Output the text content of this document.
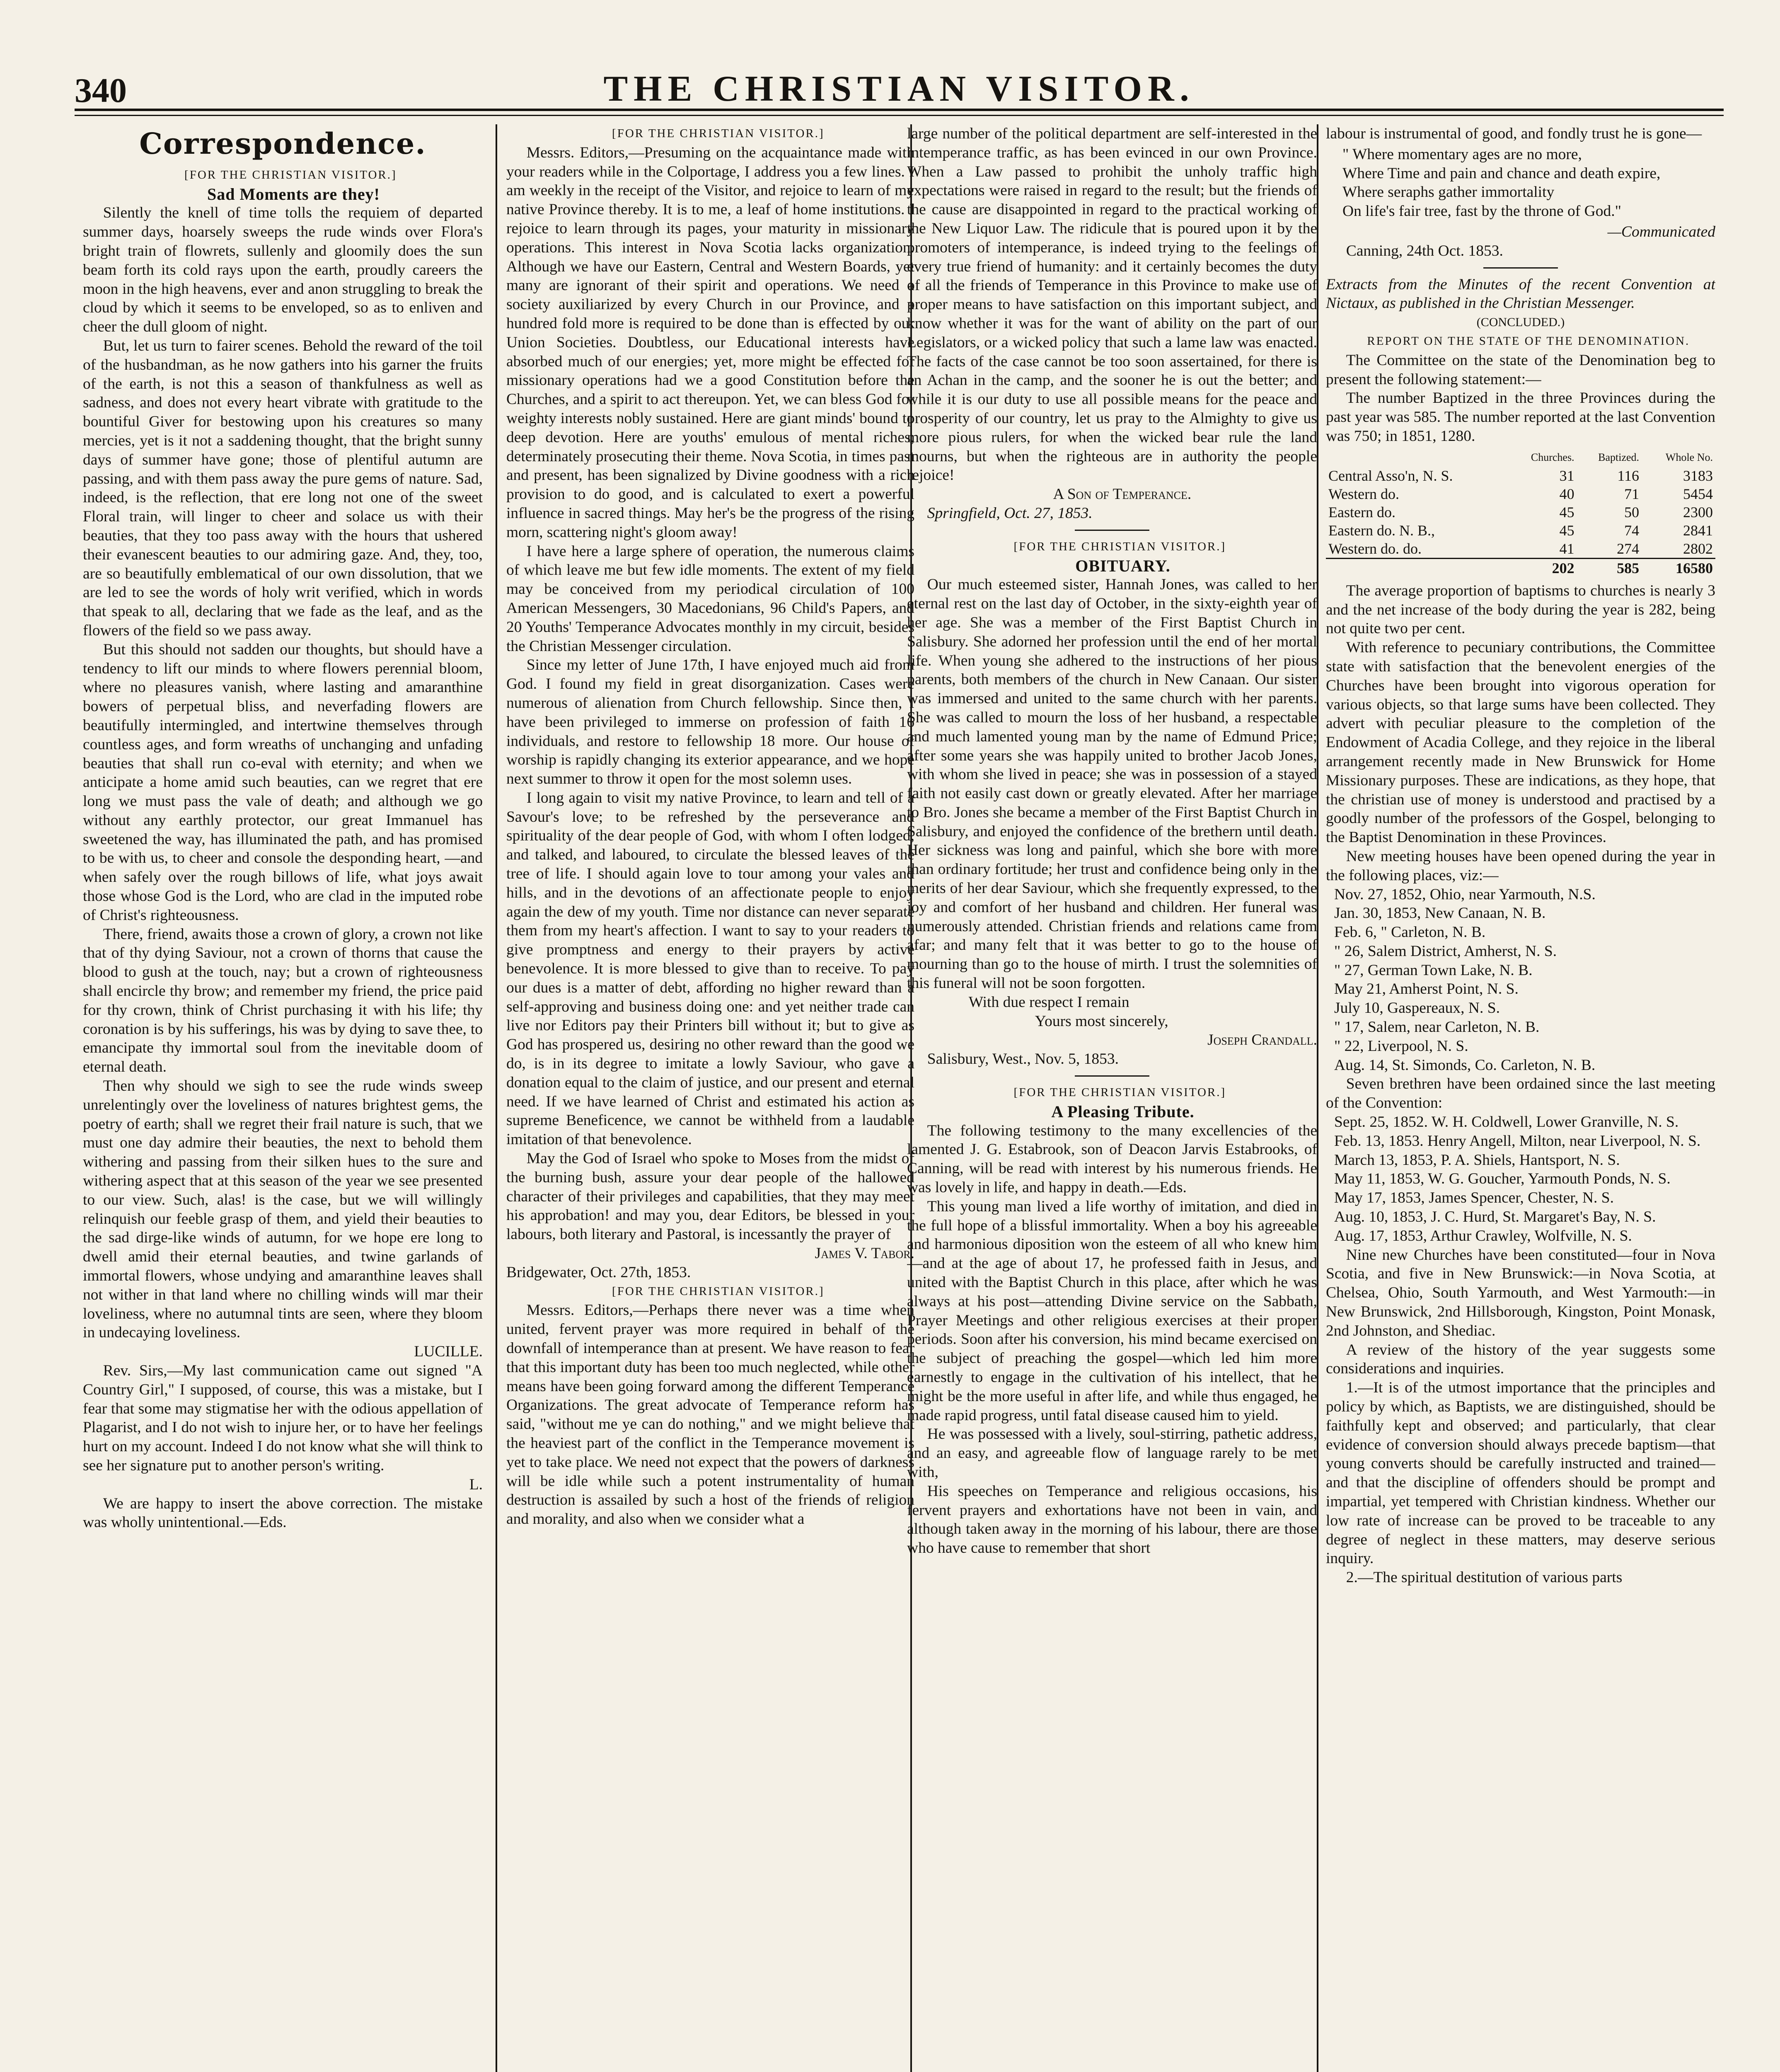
340	THE CHRISTIAN VISITOR.
Correspondence.

[FOR THE CHRISTIAN VISITOR.]

Sad Moments are they!

Silently the knell of time tolls the requiem of departed summer days, hoarsely sweeps the rude winds over Flora's bright train of flowrets, sullenly and gloomily does the sun beam forth its cold rays upon the earth, proudly careers the moon in the high heavens, ever and anon struggling to break the cloud by which it seems to be enveloped, so as to enliven and cheer the dull gloom of night.

But, let us turn to fairer scenes. Behold the reward of the toil of the husbandman, as he now gathers into his garner the fruits of the earth, is not this a season of thankfulness as well as sadness, and does not every heart vibrate with gratitude to the bountiful Giver for bestowing upon his creatures so many mercies, yet is it not a saddening thought, that the bright sunny days of summer have gone; those of plentiful autumn are passing, and with them pass away the pure gems of nature. Sad, indeed, is the reflection, that ere long not one of the sweet Floral train, will linger to cheer and solace us with their beauties, that they too pass away with the hours that ushered their evanescent beauties to our admiring gaze. And, they, too, are so beautifully emblematical of our own dissolution, that we are led to see the words of holy writ verified, which in words that speak to all, declaring that we fade as the leaf, and as the flowers of the field so we pass away.

But this should not sadden our thoughts, but should have a tendency to lift our minds to where flowers perennial bloom, where no pleasures vanish, where lasting and amaranthine bowers of perpetual bliss, and neverfading flowers are beautifully intermingled, and intertwine themselves through countless ages, and form wreaths of unchanging and unfading beauties that shall run co-eval with eternity; and when we anticipate a home amid such beauties, can we regret that ere long we must pass the vale of death; and although we go without any earthly protector, our great Immanuel has sweetened the way, has illuminated the path, and has promised to be with us, to cheer and console the desponding heart, —and when safely over the rough billows of life, what joys await those whose God is the Lord, who are clad in the imputed robe of Christ's righteousness.

There, friend, awaits those a crown of glory, a crown not like that of thy dying Saviour, not a crown of thorns that cause the blood to gush at the touch, nay; but a crown of righteousness shall encircle thy brow; and remember my friend, the price paid for thy crown, think of Christ purchasing it with his life; thy coronation is by his sufferings, his was by dying to save thee, to emancipate thy immortal soul from the inevitable doom of eternal death.

Then why should we sigh to see the rude winds sweep unrelentingly over the loveliness of natures brightest gems, the poetry of earth; shall we regret their frail nature is such, that we must one day admire their beauties, the next to behold them withering and passing from their silken hues to the sure and withering aspect that at this season of the year we see presented to our view. Such, alas! is the case, but we will willingly relinquish our feeble grasp of them, and yield their beauties to the sad dirge-like winds of autumn, for we hope ere long to dwell amid their eternal beauties, and twine garlands of immortal flowers, whose undying and amaranthine leaves shall not wither in that land where no chilling winds will mar their loveliness, where no autumnal tints are seen, where they bloom in undecaying loveliness.

LUCILLE.

Rev. Sirs,—My last communication came out signed "A Country Girl," I supposed, of course, this was a mistake, but I fear that some may stigmatise her with the odious appellation of Plagarist, and I do not wish to injure her, or to have her feelings hurt on my account. Indeed I do not know what she will think to see her signature put to another person's writing.

L.

We are happy to insert the above correction. The mistake was wholly unintentional.—Eds.

[FOR THE CHRISTIAN VISITOR.]

Messrs. Editors,—Presuming on the acquaintance made with your readers while in the Colportage, I address you a few lines. I am weekly in the receipt of the Visitor, and rejoice to learn of my native Province thereby. It is to me, a leaf of home institutions. I rejoice to learn through its pages, your maturity in missionary operations. This interest in Nova Scotia lacks organization. Although we have our Eastern, Central and Western Boards, yet many are ignorant of their spirit and operations. We need a society auxiliarized by every Church in our Province, and a hundred fold more is required to be done than is effected by our Union Societies. Doubtless, our Educational interests have absorbed much of our energies; yet, more might be effected for missionary operations had we a good Constitution before the Churches, and a spirit to act thereupon. Yet, we can bless God for weighty interests nobly sustained. Here are giant minds' bound to deep devotion. Here are youths' emulous of mental riches, determinately prosecuting their theme. Nova Scotia, in times past and present, has been signalized by Divine goodness with a rich provision to do good, and is calculated to exert a powerful influence in sacred things. May her's be the progress of the rising morn, scattering night's gloom away!

I have here a large sphere of operation, the numerous claims of which leave me but few idle moments. The extent of my field may be conceived from my periodical circulation of 100 American Messengers, 30 Macedonians, 96 Child's Papers, and 20 Youths' Temperance Advocates monthly in my circuit, besides the Christian Messenger circulation.

Since my letter of June 17th, I have enjoyed much aid from God. I found my field in great disorganization. Cases were numerous of alienation from Church fellowship. Since then, I have been privileged to immerse on profession of faith 16 individuals, and restore to fellowship 18 more. Our house of worship is rapidly changing its exterior appearance, and we hope next summer to throw it open for the most solemn uses.

I long again to visit my native Province, to learn and tell of a Savour's love; to be refreshed by the perseverance and spirituality of the dear people of God, with whom I often lodged, and talked, and laboured, to circulate the blessed leaves of the tree of life. I should again love to tour among your vales and hills, and in the devotions of an affectionate people to enjoy again the dew of my youth. Time nor distance can never separate them from my heart's affection. I want to say to your readers to give promptness and energy to their prayers by active benevolence. It is more blessed to give than to receive. To pay our dues is a matter of debt, affording no higher reward than a self-approving and business doing one: and yet neither trade can live nor Editors pay their Printers bill without it; but to give as God has prospered us, desiring no other reward than the good we do, is in its degree to imitate a lowly Saviour, who gave a donation equal to the claim of justice, and our present and eternal need. If we have learned of Christ and estimated his action as supreme Beneficence, we cannot be withheld from a laudable imitation of that benevolence.

May the God of Israel who spoke to Moses from the midst of the burning bush, assure your dear people of the hallowed character of their privileges and capabilities, that they may meet his approbation! and may you, dear Editors, be blessed in your labours, both literary and Pastoral, is incessantly the prayer of

James V. Tabor.

Bridgewater, Oct. 27th, 1853.

[FOR THE CHRISTIAN VISITOR.]

Messrs. Editors,—Perhaps there never was a time when united, fervent prayer was more required in behalf of the downfall of intemperance than at present. We have reason to fear that this important duty has been too much neglected, while other means have been going forward among the different Temperance Organizations. The great advocate of Temperance reform has said, "without me ye can do nothing," and we might believe that the heaviest part of the conflict in the Temperance movement is yet to take place. We need not expect that the powers of darkness will be idle while such a potent instrumentality of human destruction is assailed by such a host of the friends of religion and morality, and also when we consider what a

large number of the political department are self-interested in the intemperance traffic, as has been evinced in our own Province. When a Law passed to prohibit the unholy traffic high expectations were raised in regard to the result; but the friends of the cause are disappointed in regard to the practical working of the New Liquor Law. The ridicule that is poured upon it by the promoters of intemperance, is indeed trying to the feelings of every true friend of humanity: and it certainly becomes the duty of all the friends of Temperance in this Province to make use of proper means to have satisfaction on this important subject, and know whether it was for the want of ability on the part of our Legislators, or a wicked policy that such a lame law was enacted. The facts of the case cannot be too soon assertained, for there is an Achan in the camp, and the sooner he is out the better; and while it is our duty to use all possible means for the peace and prosperity of our country, let us pray to the Almighty to give us more pious rulers, for when the wicked bear rule the land mourns, but when the righteous are in authority the people rejoice!

A Son of Temperance.

Springfield, Oct. 27, 1853.

[FOR THE CHRISTIAN VISITOR.]

OBITUARY.

Our much esteemed sister, Hannah Jones, was called to her eternal rest on the last day of October, in the sixty-eighth year of her age. She was a member of the First Baptist Church in Salisbury. She adorned her profession until the end of her mortal life. When young she adhered to the instructions of her pious parents, both members of the church in New Canaan. Our sister was immersed and united to the same church with her parents. She was called to mourn the loss of her husband, a respectable and much lamented young man by the name of Edmund Price; after some years she was happily united to brother Jacob Jones, with whom she lived in peace; she was in possession of a stayed faith not easily cast down or greatly elevated. After her marriage to Bro. Jones she became a member of the First Baptist Church in Salisbury, and enjoyed the confidence of the brethern until death. Her sickness was long and painful, which she bore with more than ordinary fortitude; her trust and confidence being only in the merits of her dear Saviour, which she frequently expressed, to the joy and comfort of her husband and children. Her funeral was numerously attended. Christian friends and relations came from afar; and many felt that it was better to go to the house of mourning than go to the house of mirth. I trust the solemnities of this funeral will not be soon forgotten.

With due respect I remain

Yours most sincerely,

Joseph Crandall.

Salisbury, West., Nov. 5, 1853.

[FOR THE CHRISTIAN VISITOR.]

A Pleasing Tribute.

The following testimony to the many excellencies of the lamented J. G. Estabrook, son of Deacon Jarvis Estabrooks, of Canning, will be read with interest by his numerous friends. He was lovely in life, and happy in death.—Eds.

This young man lived a life worthy of imitation, and died in the full hope of a blissful immortality. When a boy his agreeable and harmonious diposition won the esteem of all who knew him—and at the age of about 17, he professed faith in Jesus, and united with the Baptist Church in this place, after which he was always at his post—attending Divine service on the Sabbath, Prayer Meetings and other religious exercises at their proper periods. Soon after his conversion, his mind became exercised on the subject of preaching the gospel—which led him more earnestly to engage in the cultivation of his intellect, that he might be the more useful in after life, and while thus engaged, he made rapid progress, until fatal disease caused him to yield.

He was possessed with a lively, soul-stirring, pathetic address, and an easy, and agreeable flow of language rarely to be met with,

His speeches on Temperance and religious occasions, his fervent prayers and exhortations have not been in vain, and although taken away in the morning of his labour, there are those who have cause to remember that short

labour is instrumental of good, and fondly trust he is gone—

" Where momentary ages are no more,
Where Time and pain and chance and death expire,
Where seraphs gather immortality
On life's fair tree, fast by the throne of God."

—Communicated

Canning, 24th Oct. 1853.

Extracts from the Minutes of the recent Convention at Nictaux, as published in the Christian Messenger.

(CONCLUDED.)

REPORT ON THE STATE OF THE DENOMINATION.

The Committee on the state of the Denomination beg to present the following statement:—

The number Baptized in the three Provinces during the past year was 585. The number reported at the last Convention was 750; in 1851, 1280.

	Churches.	Baptized.	Whole No.
Central Asso'n, N. S.	31	116	3183
Western do.	40	71	5454
Eastern do.	45	50	2300
Eastern do. N. B.,	45	74	2841
Western do. do.	41	274	2802
	202	585	16580

The average proportion of baptisms to churches is nearly 3 and the net increase of the body during the year is 282, being not quite two per cent.

With reference to pecuniary contributions, the Committee state with satisfaction that the benevolent energies of the Churches have been brought into vigorous operation for various objects, so that large sums have been collected. They advert with peculiar pleasure to the completion of the Endowment of Acadia College, and they rejoice in the liberal arrangement recently made in New Brunswick for Home Missionary purposes. These are indications, as they hope, that the christian use of money is understood and practised by a goodly number of the professors of the Gospel, belonging to the Baptist Denomination in these Provinces.

New meeting houses have been opened during the year in the following places, viz:—

Nov. 27, 1852, Ohio, near Yarmouth, N.S.
Jan. 30, 1853, New Canaan, N. B.
Feb. 6, " Carleton, N. B.
" 26, Salem District, Amherst, N. S.
" 27, German Town Lake, N. B.
May 21, Amherst Point, N. S.
July 10, Gaspereaux, N. S.
" 17, Salem, near Carleton, N. B.
" 22, Liverpool, N. S.
Aug. 14, St. Simonds, Co. Carleton, N. B.

Seven brethren have been ordained since the last meeting of the Convention:

Sept. 25, 1852. W. H. Coldwell, Lower Granville, N. S.
Feb. 13, 1853. Henry Angell, Milton, near Liverpool, N. S.
March 13, 1853, P. A. Shiels, Hantsport, N. S.
May 11, 1853, W. G. Goucher, Yarmouth Ponds, N. S.
May 17, 1853, James Spencer, Chester, N. S.
Aug. 10, 1853, J. C. Hurd, St. Margaret's Bay, N. S.
Aug. 17, 1853, Arthur Crawley, Wolfville, N. S.

Nine new Churches have been constituted—four in Nova Scotia, and five in New Brunswick:—in Nova Scotia, at Chelsea, Ohio, South Yarmouth, and West Yarmouth:—in New Brunswick, 2nd Hillsborough, Kingston, Point Monask, 2nd Johnston, and Shediac.

A review of the history of the year suggests some considerations and inquiries.

1.—It is of the utmost importance that the principles and policy by which, as Baptists, we are distinguished, should be faithfully kept and observed; and particularly, that clear evidence of conversion should always precede baptism—that young converts should be carefully instructed and trained—and that the discipline of offenders should be prompt and impartial, yet tempered with Christian kindness. Whether our low rate of increase can be proved to be traceable to any degree of neglect in these matters, may deserve serious inquiry.

2.—The spiritual destitution of various parts
